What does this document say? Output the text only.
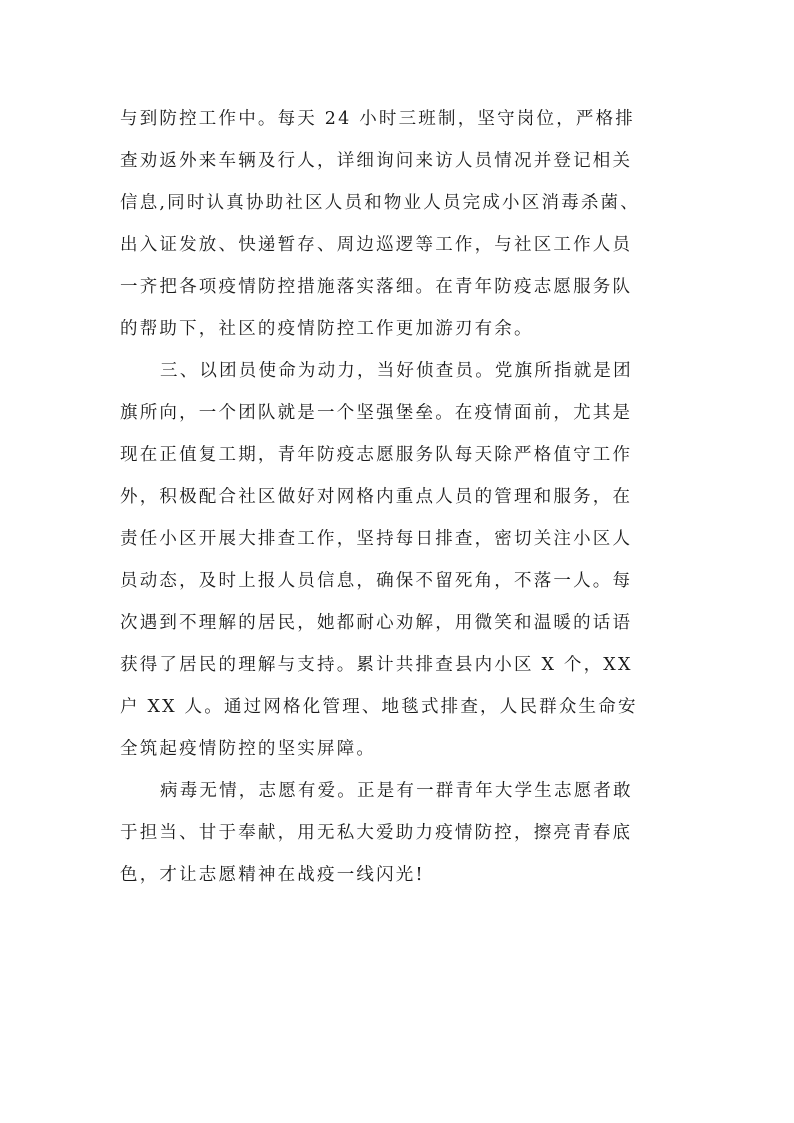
与到防控工作中。每天 24 小时三班制，坚守岗位，严格排
查劝返外来车辆及行人，详细询问来访人员情况并登记相关
信息,同时认真协助社区人员和物业人员完成小区消毒杀菌、
出入证发放、快递暂存、周边巡逻等工作，与社区工作人员
一齐把各项疫情防控措施落实落细。在青年防疫志愿服务队
的帮助下，社区的疫情防控工作更加游刃有余。
三、以团员使命为动力，当好侦查员。党旗所指就是团
旗所向，一个团队就是一个坚强堡垒。在疫情面前，尤其是
现在正值复工期，青年防疫志愿服务队每天除严格值守工作
外，积极配合社区做好对网格内重点人员的管理和服务，在
责任小区开展大排查工作，坚持每日排查，密切关注小区人
员动态，及时上报人员信息，确保不留死角，不落一人。每
次遇到不理解的居民，她都耐心劝解，用微笑和温暖的话语
获得了居民的理解与支持。累计共排查县内小区 X 个，XX
户 XX 人。通过网格化管理、地毯式排查，人民群众生命安
全筑起疫情防控的坚实屏障。
病毒无情，志愿有爱。正是有一群青年大学生志愿者敢
于担当、甘于奉献，用无私大爱助力疫情防控，擦亮青春底
色，才让志愿精神在战疫一线闪光!
